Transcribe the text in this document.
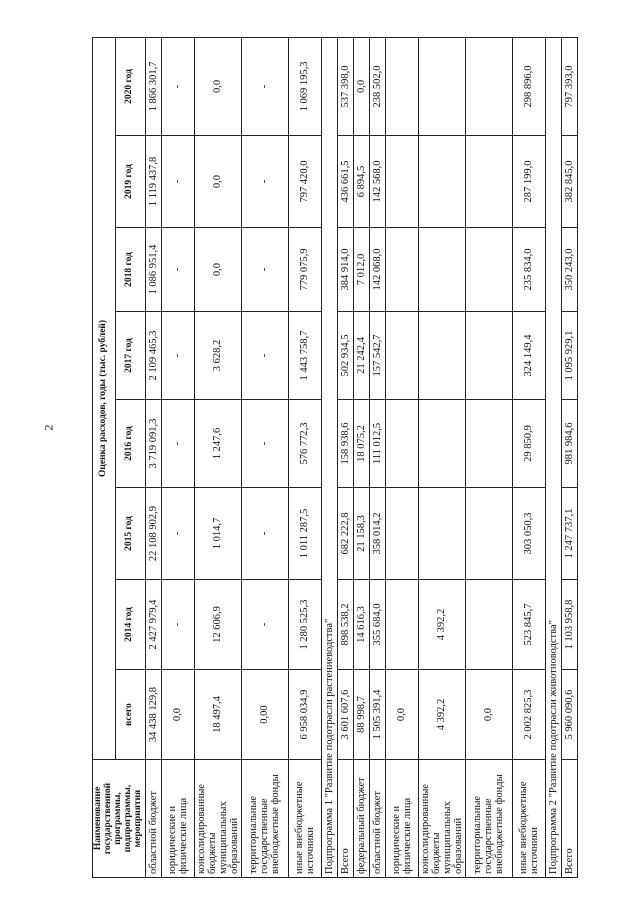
2
Наименование государственной программы, подпрограммы, мероприятия	Оценка расходов, годы (тыс. рублей)							
	всего	2014 год	2015 год	2016 год	2017 год	2018 год	2019 год	2020 год
областной бюджет	34 438 129,8	2 427 979,4	22 108 902,9	3 719 091,3	2 109 465,3	1 086 951,4	1 119 437,8	1 866 301,7
юридические и физические лица	0,0	-	-	-	-	-	-	-
консолидированные бюджеты муниципальных образований	18 497,4	12 606,9	1 014,7	1 247,6	3 628,2	0,0	0,0	0,0
территориальные государственные внебюджетные фонды	0,00	-	-	-	-	-	-	-
иные внебюджетные источники	6 958 034,9	1 280 525,3	1 011 287,5	576 772,3	1 443 758,7	779 075,9	797 420,0	1 069 195,3
Подпрограмма 1 "Развитие подотрасли растениеводства"								
Всего	3 601 607,6	898 538,2	682 222,8	158 938,6	502 934,5	384 914,0	436 661,5	537 398,0
федеральный бюджет	88 998,7	14 616,3	21 158,3	18 075,2	21 242,4	7 012,0	6 894,5	0,0
областной бюджет	1 505 391,4	355 684,0	358 014,2	111 012,5	157 542,7	142 068,0	142 568,0	238 502,0
юридические и физические лица	0,0							
консолидированные бюджеты муниципальных образований	4 392,2	4 392,2						
территориальные государственные внебюджетные фонды	0,0							
иные внебюджетные источники	2 002 825,3	523 845,7	303 050,3	29 850,9	324 149,4	235 834,0	287 199,0	298 896,0
Подпрограмма 2 "Развитие подотрасли животноводства"								
Всего	5 960 090,6	1 103 958,8	1 247 737,1	981 984,6	1 095 929,1	350 243,0	382 845,0	797 393,0
